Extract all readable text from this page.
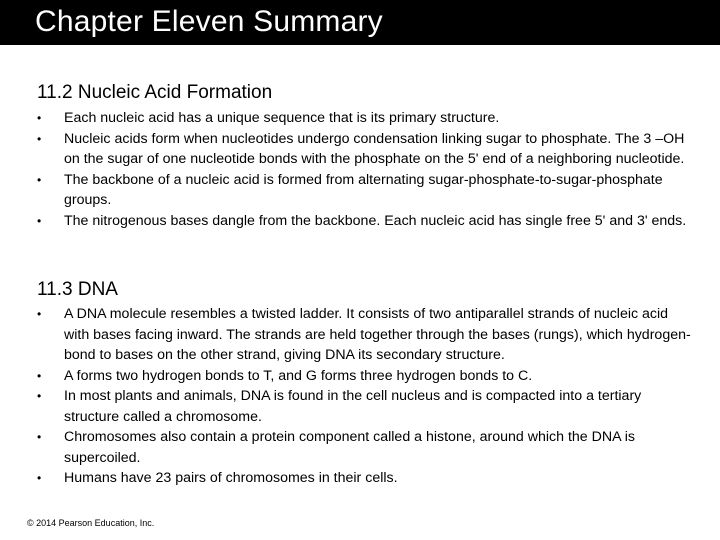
Chapter Eleven Summary
11.2 Nucleic Acid Formation
• Each nucleic acid has a unique sequence that is its primary structure.
• Nucleic acids form when nucleotides undergo condensation linking sugar to phosphate. The 3 –OH on the sugar of one nucleotide bonds with the phosphate on the 5' end of a neighboring nucleotide.
• The backbone of a nucleic acid is formed from alternating sugar-phosphate-to-sugar-phosphate groups.
• The nitrogenous bases dangle from the backbone. Each nucleic acid has single free 5' and 3' ends.
11.3 DNA
• A DNA molecule resembles a twisted ladder. It consists of two antiparallel strands of nucleic acid with bases facing inward. The strands are held together through the bases (rungs), which hydrogen-bond to bases on the other strand, giving DNA its secondary structure.
• A forms two hydrogen bonds to T, and G forms three hydrogen bonds to C.
• In most plants and animals, DNA is found in the cell nucleus and is compacted into a tertiary structure called a chromosome.
• Chromosomes also contain a protein component called a histone, around which the DNA is supercoiled.
• Humans have 23 pairs of chromosomes in their cells.
© 2014 Pearson Education, Inc.
